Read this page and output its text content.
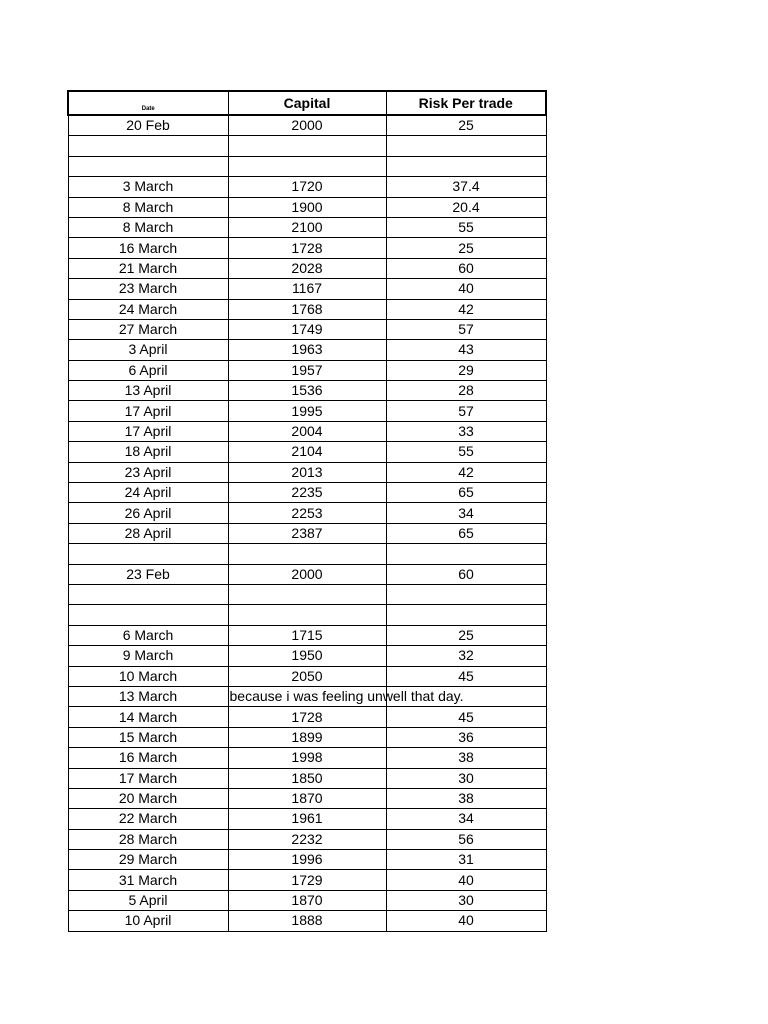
Date	Capital	Risk Per trade
20 Feb	2000	25

3 March	1720	37.4
8 March	1900	20.4
8 March	2100	55
16 March	1728	25
21 March	2028	60
23 March	1167	40
24 March	1768	42
27 March	1749	57
3 April	1963	43
6 April	1957	29
13 April	1536	28
17 April	1995	57
17 April	2004	33
18 April	2104	55
23 April	2013	42
24 April	2235	65
26 April	2253	34
28 April	2387	65

23 Feb	2000	60

6 March	1715	25
9 March	1950	32
10 March	2050	45
13 March	because i was feeling unwell that day.	

14 March	1728	45
15 March	1899	36
16 March	1998	38
17 March	1850	30
20 March	1870	38
22 March	1961	34
28 March	2232	56
29 March	1996	31
31 March	1729	40
5 April	1870	30
10 April	1888	40
